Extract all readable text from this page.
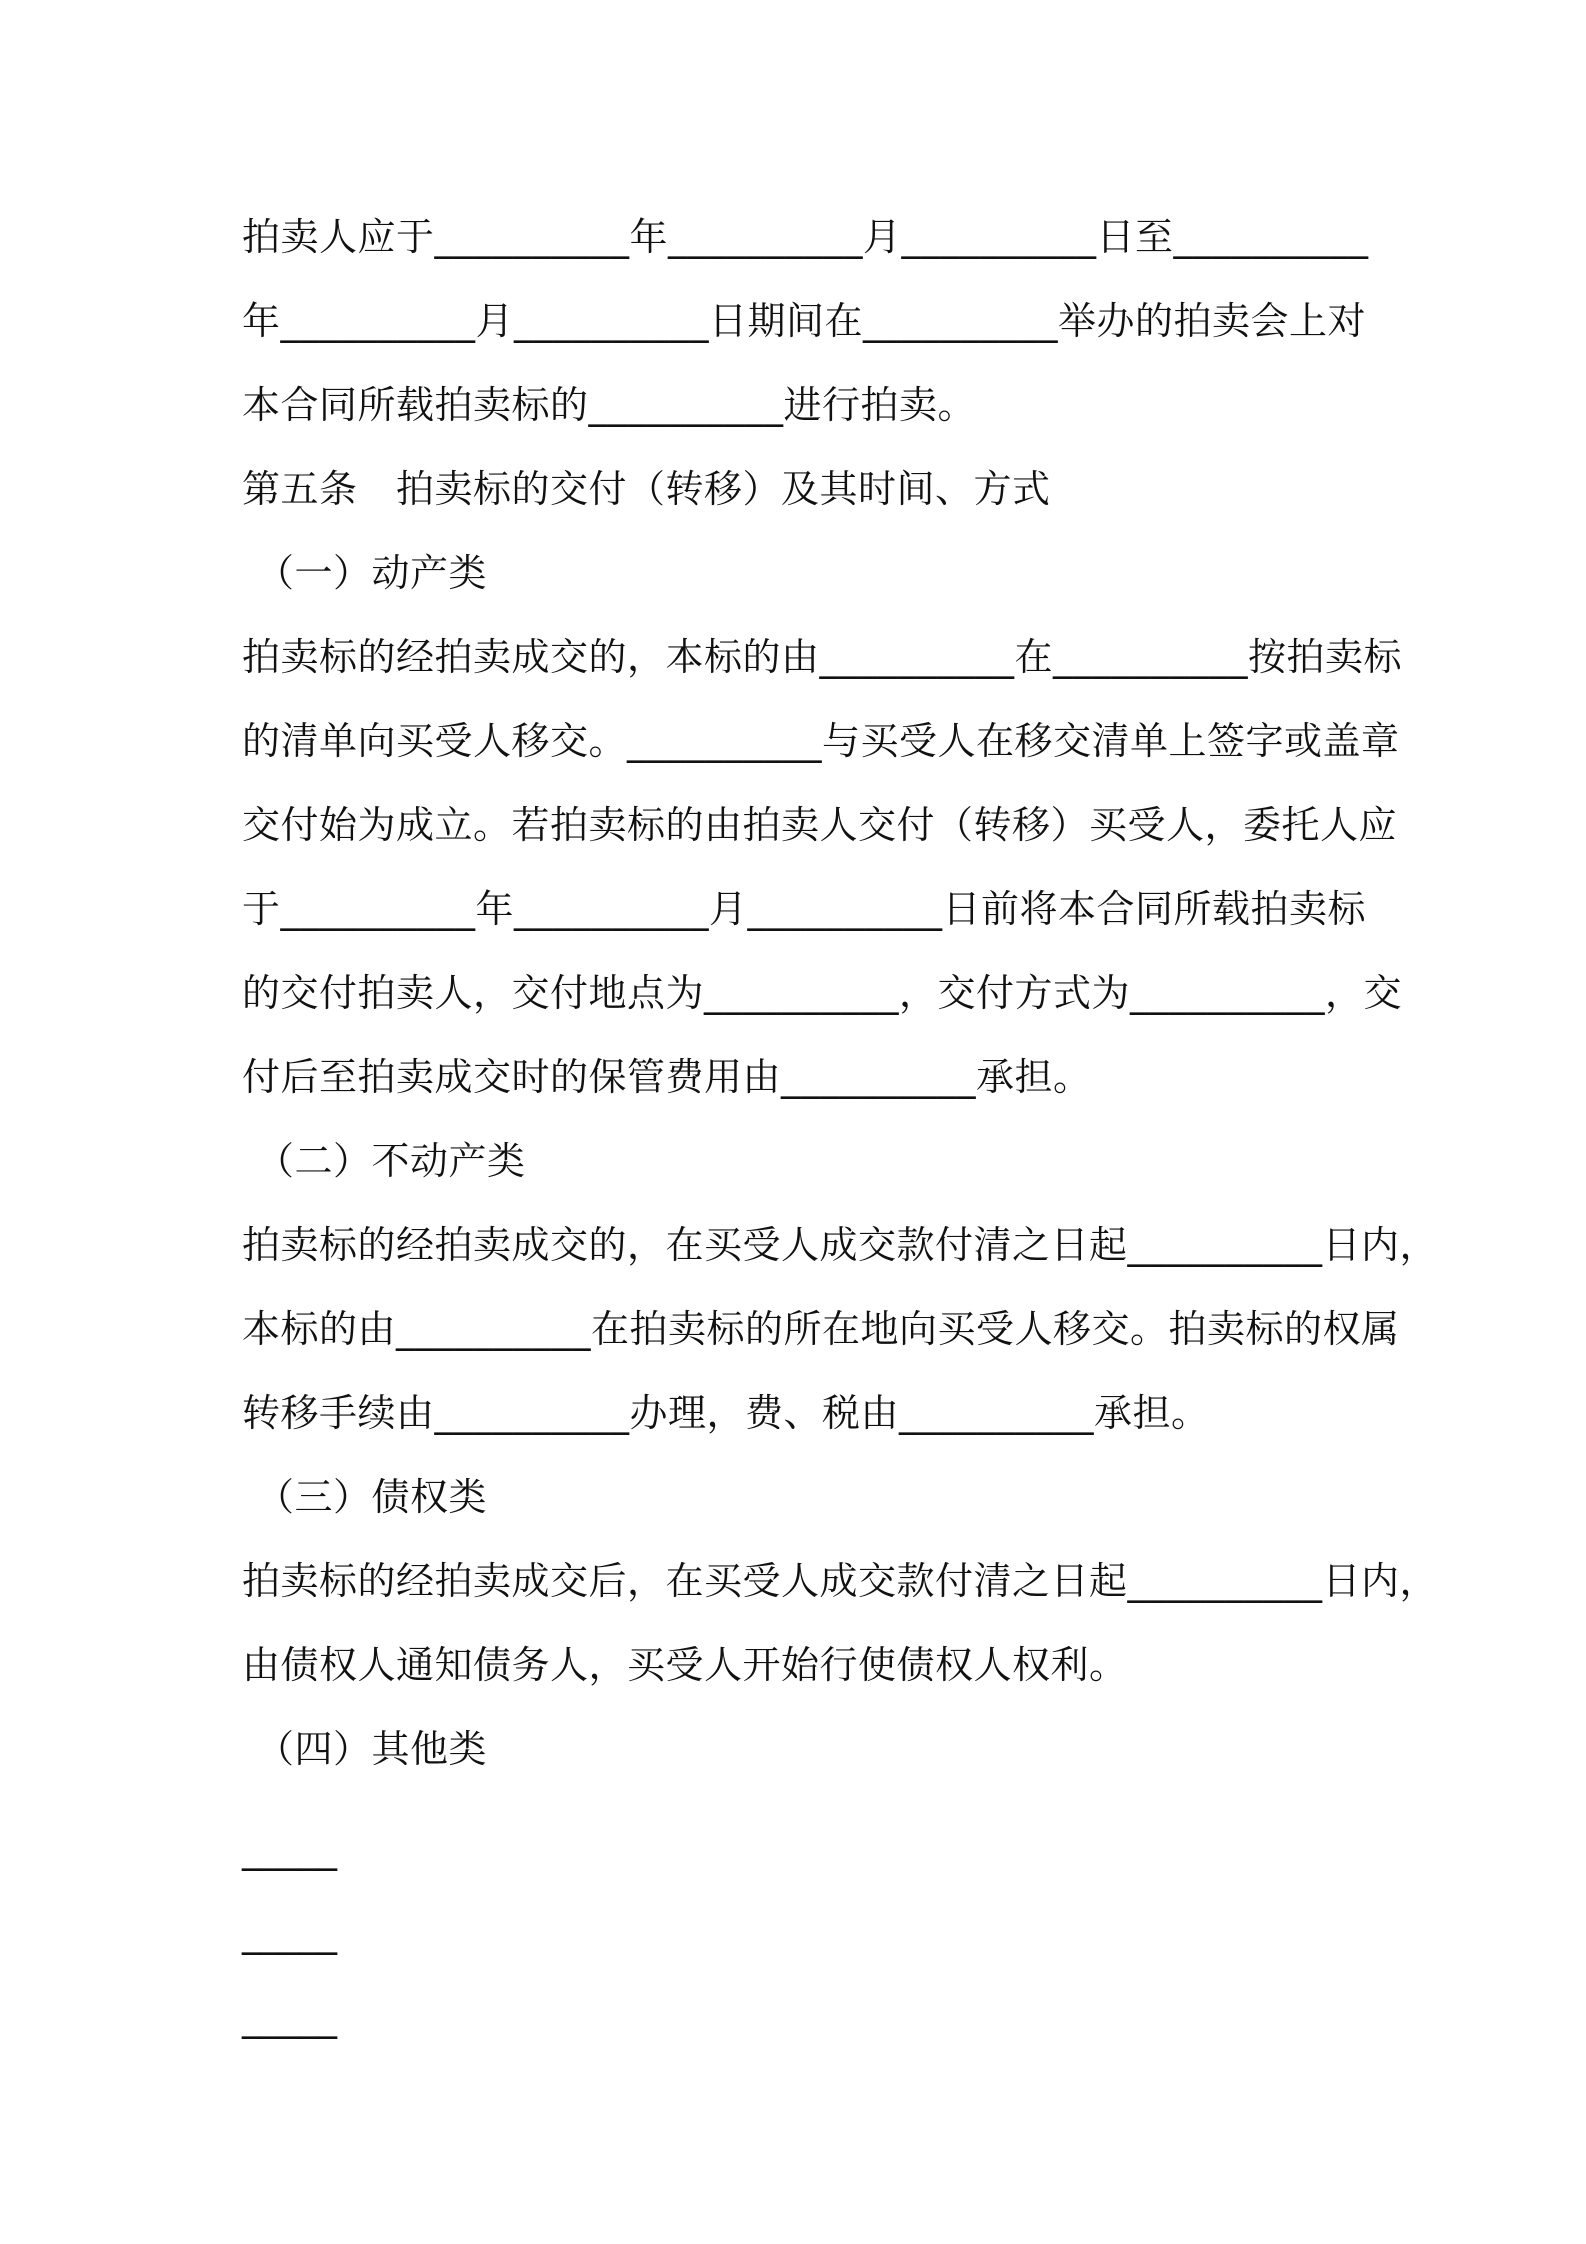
拍卖人应于__________年__________月__________日至__________
年__________月__________日期间在__________举办的拍卖会上对
本合同所载拍卖标的__________进行拍卖。
第五条　拍卖标的交付（转移）及其时间、方式
（一）动产类
拍卖标的经拍卖成交的，本标的由__________在__________按拍卖标
的清单向买受人移交。__________与买受人在移交清单上签字或盖章
交付始为成立。若拍卖标的由拍卖人交付（转移）买受人，委托人应
于__________年__________月__________日前将本合同所载拍卖标
的交付拍卖人，交付地点为__________，交付方式为__________，交
付后至拍卖成交时的保管费用由__________承担。
（二）不动产类
拍卖标的经拍卖成交的，在买受人成交款付清之日起__________日内，
本标的由__________在拍卖标的所在地向买受人移交。拍卖标的权属
转移手续由__________办理，费、税由__________承担。
（三）债权类
拍卖标的经拍卖成交后，在买受人成交款付清之日起__________日内，
由债权人通知债务人，买受人开始行使债权人权利。
（四）其他类
_____
_____
_____
